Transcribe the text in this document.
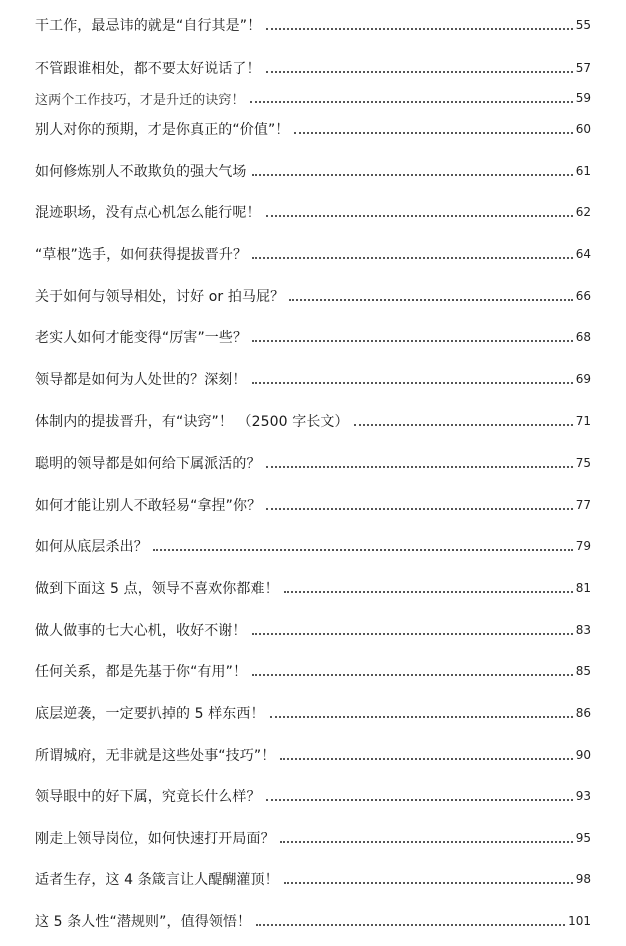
干工作，最忌讳的就是“自行其是”！	55
不管跟谁相处，都不要太好说话了！	57
这两个工作技巧，才是升迁的诀窍！	59
别人对你的预期，才是你真正的“价值”！	60
如何修炼别人不敢欺负的强大气场	61
混迹职场，没有点心机怎么能行呢！	62
“草根”选手，如何获得提拔晋升？	64
关于如何与领导相处，讨好 or 拍马屁？	66
老实人如何才能变得“厉害”一些？	68
领导都是如何为人处世的？深刻！	69
体制内的提拔晋升，有“诀窍”！ （2500 字长文）	71
聪明的领导都是如何给下属派活的？	75
如何才能让别人不敢轻易“拿捏”你？	77
如何从底层杀出？	79
做到下面这 5 点，领导不喜欢你都难！	81
做人做事的七大心机，收好不谢！	83
任何关系，都是先基于你“有用”！	85
底层逆袭，一定要扒掉的 5 样东西！	86
所谓城府，无非就是这些处事“技巧”！	90
领导眼中的好下属，究竟长什么样？	93
刚走上领导岗位，如何快速打开局面？	95
适者生存，这 4 条箴言让人醍醐灌顶！	98
这 5 条人性“潜规则”，值得领悟！	101
